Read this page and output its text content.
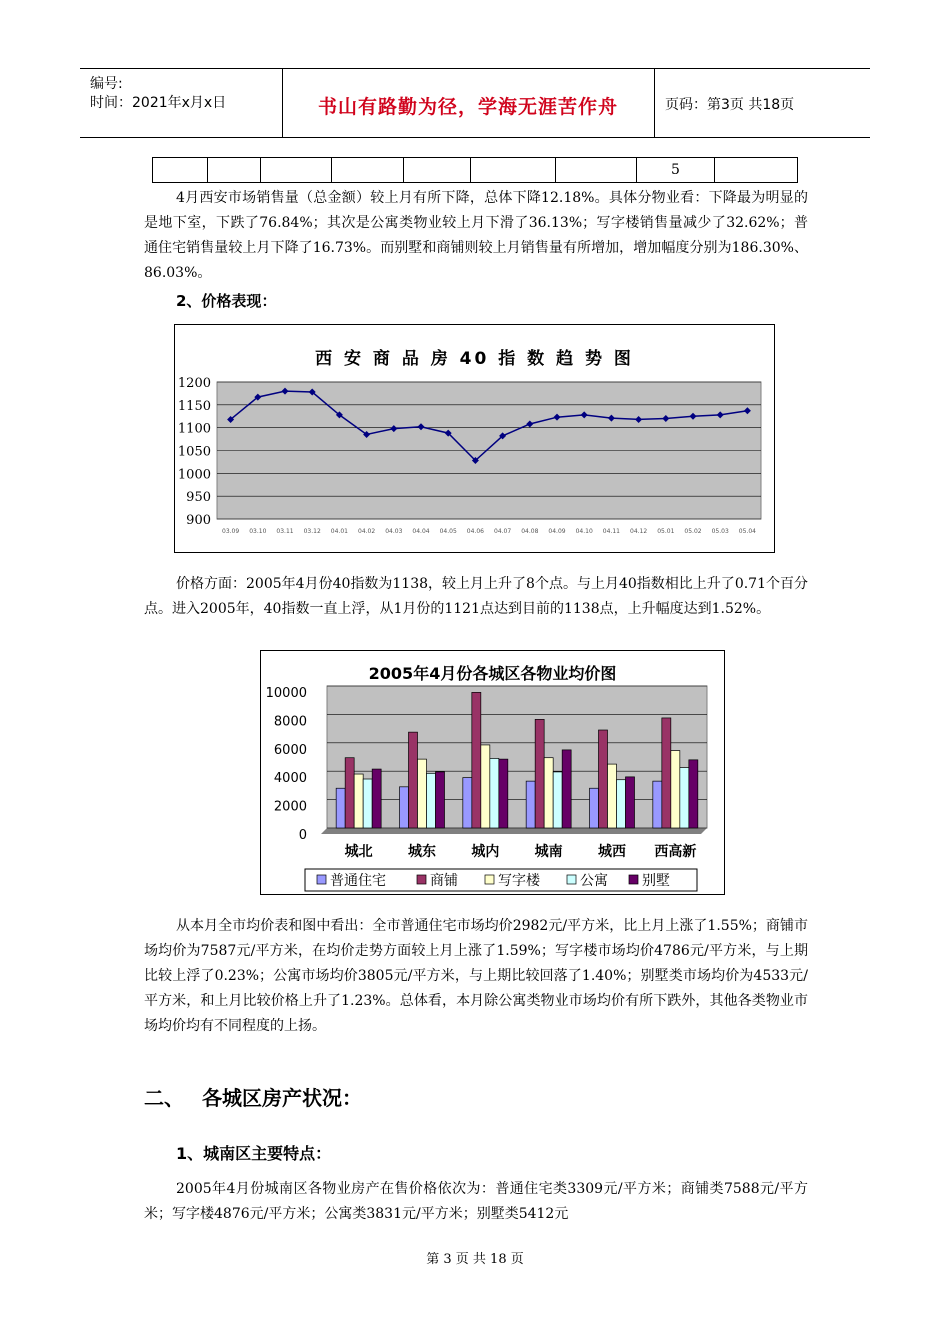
编号:
时间：2021年x月x日	书山有路勤为径，学海无涯苦作舟	页码：第3页 共18页
5
4月西安市场销售量（总金额）较上月有所下降，总体下降12.18%。具体分物业看：下降最为明显的是地下室，下跌了76.84%；其次是公寓类物业较上月下滑了36.13%；写字楼销售量减少了32.62%；普通住宅销售量较上月下降了16.73%。而别墅和商铺则较上月销售量有所增加，增加幅度分别为186.30%、86.03%。
2、价格表现：
西 安 商 品 房 40 指 数 趋 势 图
1200
1150
1100
1050
1000
950
900
03.09 03.10 03.11 03.12 04.01 04.02 04.03 04.04 04.05 04.06 04.07 04.08 04.09 04.10 04.11 04.12 05.01 05.02 05.03 05.04
价格方面：2005年4月份40指数为1138，较上月上升了8个点。与上月40指数相比上升了0.71个百分点。进入2005年，40指数一直上浮，从1月份的1121点达到目前的1138点，上升幅度达到1.52%。
2005年4月份各城区各物业均价图
10000
8000
6000
4000
2000
0
城北	城东	城内	城南	城西 西高新
普通住宅	商铺	写字楼	公寓 别墅
从本月全市均价表和图中看出：全市普通住宅市场均价2982元/平方米，比上月上涨了1.55%；商铺市场均价为7587元/平方米，在均价走势方面较上月上涨了1.59%；写字楼市场均价4786元/平方米，与上期比较上浮了0.23%；公寓市场均价3805元/平方米，与上期比较回落了1.40%；别墅类市场均价为4533元/平方米，和上月比较价格上升了1.23%。总体看，本月除公寓类物业市场均价有所下跌外，其他各类物业市场均价均有不同程度的上扬。
二、 各城区房产状况：
1、城南区主要特点：
2005年4月份城南区各物业房产在售价格依次为：普通住宅类3309元/平方米；商铺类7588元/平方米；写字楼4876元/平方米；公寓类3831元/平方米；别墅类5412元
第 3 页 共 18 页
